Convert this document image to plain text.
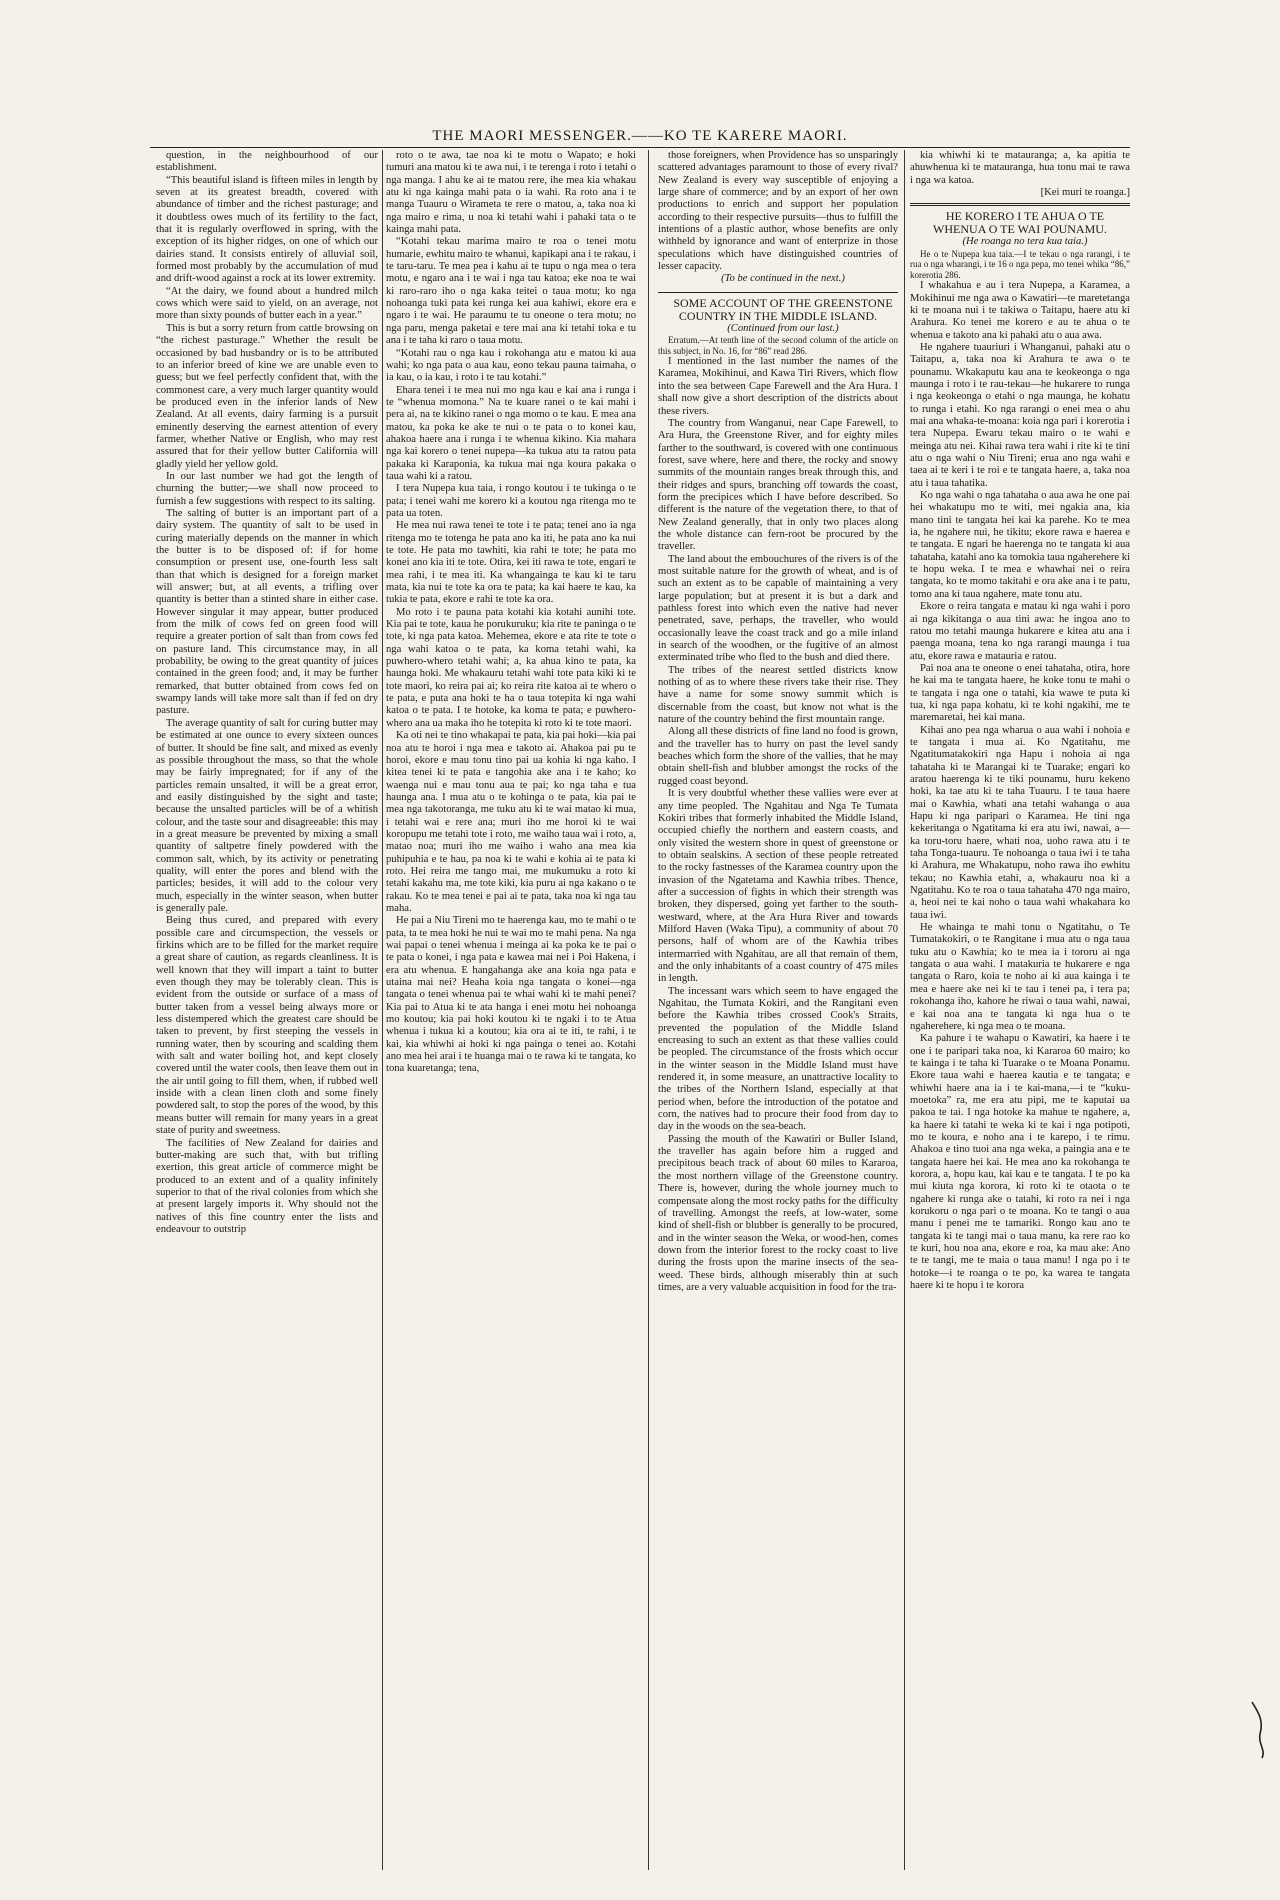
THE MAORI MESSENGER.——KO TE KARERE MAORI.

question, in the neighbourhood of our establishment.

“This beautiful island is fifteen miles in length by seven at its greatest breadth, covered with abundance of timber and the richest pasturage; and it doubtless owes much of its fertility to the fact, that it is regularly overflowed in spring, with the exception of its higher ridges, on one of which our dairies stand. It consists entirely of alluvial soil, formed most probably by the accumulation of mud and drift-wood against a rock at its lower extremity.

“At the dairy, we found about a hundred milch cows which were said to yield, on an average, not more than sixty pounds of butter each in a year.”

This is but a sorry return from cattle browsing on “the richest pasturage.” Whether the result be occasioned by bad husbandry or is to be attributed to an inferior breed of kine we are unable even to guess; but we feel perfectly confident that, with the commonest care, a very much larger quantity would be produced even in the inferior lands of New Zealand. At all events, dairy farming is a pursuit eminently deserving the earnest attention of every farmer, whether Native or English, who may rest assured that for their yellow butter California will gladly yield her yellow gold.

In our last number we had got the length of churning the butter;—we shall now proceed to furnish a few suggestions with respect to its salting.

The salting of butter is an important part of a dairy system. The quantity of salt to be used in curing materially depends on the manner in which the butter is to be disposed of: if for home consumption or present use, one-fourth less salt than that which is designed for a foreign market will answer; but, at all events, a trifling over quantity is better than a stinted share in either case. However singular it may appear, butter produced from the milk of cows fed on green food will require a greater portion of salt than from cows fed on pasture land. This circumstance may, in all probability, be owing to the great quantity of juices contained in the green food; and, it may be further remarked, that butter obtained from cows fed on swampy lands will take more salt than if fed on dry pasture.

The average quantity of salt for curing butter may be estimated at one ounce to every sixteen ounces of butter. It should be fine salt, and mixed as evenly as possible throughout the mass, so that the whole may be fairly impregnated; for if any of the particles remain unsalted, it will be a great error, and easily distinguished by the sight and taste; because the unsalted particles will be of a whitish colour, and the taste sour and disagreeable: this may in a great measure be prevented by mixing a small quantity of saltpetre finely powdered with the common salt, which, by its activity or penetrating quality, will enter the pores and blend with the particles; besides, it will add to the colour very much, especially in the winter season, when butter is generally pale.

Being thus cured, and prepared with every possible care and circumspection, the vessels or firkins which are to be filled for the market require a great share of caution, as regards cleanliness. It is well known that they will impart a taint to butter even though they may be tolerably clean. This is evident from the outside or surface of a mass of butter taken from a vessel being always more or less distempered which the greatest care should be taken to prevent, by first steeping the vessels in running water, then by scouring and scalding them with salt and water boiling hot, and kept closely covered until the water cools, then leave them out in the air until going to fill them, when, if rubbed well inside with a clean linen cloth and some finely powdered salt, to stop the pores of the wood, by this means butter will remain for many years in a great state of purity and sweetness.

The facilities of New Zealand for dairies and butter-making are such that, with but trifling exertion, this great article of commerce might be produced to an extent and of a quality infinitely superior to that of the rival colonies from which she at present largely imports it. Why should not the natives of this fine country enter the lists and endeavour to outstrip

roto o te awa, tae noa ki te motu o Wapato; e hoki tumuri ana matou ki te awa nui, i te terenga i roto i tetahi o nga manga. I ahu ke ai te matou rere, ihe mea kia whakau atu ki nga kainga mahi pata o ia wahi. Ra roto ana i te manga Tuauru o Wirameta te rere o matou, a, taka noa ki nga mairo e rima, u noa ki tetahi wahi i pahaki tata o te kainga mahi pata.

“Kotahi tekau marima mairo te roa o tenei motu humarie, ewhitu mairo te whanui, kapikapi ana i te rakau, i te taru-taru. Te mea pea i kahu ai te tupu o nga mea o tera motu, e ngaro ana i te wai i nga tau katoa; eke noa te wai ki raro-raro iho o nga kaka teitei o taua motu; ko nga nohoanga tuki pata kei runga kei aua kahiwi, ekore era e ngaro i te wai. He paraumu te tu oneone o tera motu; no nga paru, menga paketai e tere mai ana ki tetahi toka e tu ana i te taha ki raro o taua motu.

“Kotahi rau o nga kau i rokohanga atu e matou ki aua wahi; ko nga pata o aua kau, eono tekau pauna taimaha, o ia kau, o ia kau, i roto i te tau kotahi.”

Ehara tenei i te mea nui mo nga kau e kai ana i runga i te “whenua momona.” Na te kuare ranei o te kai mahi i pera ai, na te kikino ranei o nga momo o te kau. E mea ana matou, ka poka ke ake te nui o te pata o to konei kau, ahakoa haere ana i runga i te whenua kikino. Kia mahara nga kai korero o tenei nupepa—ka tukua atu ta ratou pata pakaka ki Karaponia, ka tukua mai nga koura pakaka o taua wahi ki a ratou.

I tera Nupepa kua taia, i rongo koutou i te tukinga o te pata; i tenei wahi me korero ki a koutou nga ritenga mo te pata ua toten.

He mea nui rawa tenei te tote i te pata; tenei ano ia nga ritenga mo te totenga he pata ano ka iti, he pata ano ka nui te tote. He pata mo tawhiti, kia rahi te tote; he pata mo konei ano kia iti te tote. Otira, kei iti rawa te tote, engari te mea rahi, i te mea iti. Ka whangainga te kau ki te taru mata, kia nui te tote ka ora te pata; ka kai haere te kau, ka tukia te pata, ekore e rahi te tote ka ora.

Mo roto i te pauna pata kotahi kia kotahi aunihi tote. Kia pai te tote, kaua he porukuruku; kia rite te paninga o te tote, ki nga pata katoa. Mehemea, ekore e ata rite te tote o nga wahi katoa o te pata, ka koma tetahi wahi, ka puwhero-whero tetahi wahi; a, ka ahua kino te pata, ka haunga hoki. Me whakauru tetahi wahi tote pata kiki ki te tote maori, ko reira pai ai; ko reira rite katoa ai te whero o te pata, e puta ana hoki te ha o taua totepita ki nga wahi katoa o te pata. I te hotoke, ka koma te pata; e puwhero-whero ana ua maka iho he totepita ki roto ki te tote maori.

Ka oti nei te tino whakapai te pata, kia pai hoki—kia pai noa atu te horoi i nga mea e takoto ai. Ahakoa pai pu te horoi, ekore e mau tonu tino pai ua kohia ki nga kaho. I kitea tenei ki te pata e tangohia ake ana i te kaho; ko waenga nui e mau tonu aua te pai; ko nga taha e tua haunga ana. I mua atu o te kohinga o te pata, kia pai te mea nga takotoranga, me tuku atu ki te wai matao ki mua, i tetahi wai e rere ana; muri iho me horoi ki te wai koropupu me tetahi tote i roto, me waiho taua wai i roto, a, matao noa; muri iho me waiho i waho ana mea kia puhipuhia e te hau, pa noa ki te wahi e kohia ai te pata ki roto. Hei reira me tango mai, me mukumuku a roto ki tetahi kakahu ma, me tote kiki, kia puru ai nga kakano o te rakau. Ko te mea tenei e pai ai te pata, taka noa ki nga tau maha.

He pai a Niu Tireni mo te haerenga kau, mo te mahi o te pata, ta te mea hoki he nui te wai mo te mahi pena. Na nga wai papai o tenei whenua i meinga ai ka poka ke te pai o te pata o konei, i nga pata e kawea mai nei i Poi Hakena, i era atu whenua. E hangahanga ake ana koia nga pata e utaina mai nei? Heaha koia nga tangata o konei—nga tangata o tenei whenua pai te whai wahi ki te mahi penei? Kia pai to Atua ki te ata hanga i enei motu hei nohoanga mo koutou; kia pai hoki koutou ki te ngaki i to te Atua whenua i tukua ki a koutou; kia ora ai te iti, te rahi, i te kai, kia whiwhi ai hoki ki nga painga o tenei ao. Kotahi ano mea hei arai i te huanga mai o te rawa ki te tangata, ko tona kuaretanga; tena,

those foreigners, when Providence has so unsparingly scattered advantages paramount to those of every rival? New Zealand is every way susceptible of enjoying a large share of commerce; and by an export of her own productions to enrich and support her population according to their respective pursuits—thus to fulfill the intentions of a plastic author, whose benefits are only withheld by ignorance and want of enterprize in those speculations which have distinguished countries of lesser capacity.

(To be continued in the next.)

SOME ACCOUNT OF THE GREENSTONE COUNTRY IN THE MIDDLE ISLAND.

(Continued from our last.)

Erratum.—At tenth line of the second column of the article on this subject, in No. 16, for “86” read 286.

I mentioned in the last number the names of the Karamea, Mokihinui, and Kawa Tiri Rivers, which flow into the sea between Cape Farewell and the Ara Hura. I shall now give a short description of the districts about these rivers.

The country from Wanganui, near Cape Farewell, to Ara Hura, the Greenstone River, and for eighty miles farther to the southward, is covered with one continuous forest, save where, here and there, the rocky and snowy summits of the mountain ranges break through this, and their ridges and spurs, branching off towards the coast, form the precipices which I have before described. So different is the nature of the vegetation there, to that of New Zealand generally, that in only two places along the whole distance can fern-root be procured by the traveller.

The land about the embouchures of the rivers is of the most suitable nature for the growth of wheat, and is of such an extent as to be capable of maintaining a very large population; but at present it is but a dark and pathless forest into which even the native had never penetrated, save, perhaps, the traveller, who would occasionally leave the coast track and go a mile inland in search of the woodhen, or the fugitive of an almost exterminated tribe who fled to the bush and died there.

The tribes of the nearest settled districts know nothing of as to where these rivers take their rise. They have a name for some snowy summit which is discernable from the coast, but know not what is the nature of the country behind the first mountain range.

Along all these districts of fine land no food is grown, and the traveller has to hurry on past the level sandy beaches which form the shore of the vallies, that he may obtain shell-fish and blubber amongst the rocks of the rugged coast beyond.

It is very doubtful whether these vallies were ever at any time peopled. The Ngahitau and Nga Te Tumata Kokiri tribes that formerly inhabited the Middle Island, occupied chiefly the northern and eastern coasts, and only visited the western shore in quest of greenstone or to obtain sealskins. A section of these people retreated to the rocky fastnesses of the Karamea country upon the invasion of the Ngatetama and Kawhia tribes. Thence, after a succession of fights in which their strength was broken, they dispersed, going yet farther to the south-westward, where, at the Ara Hura River and towards Milford Haven (Waka Tipu), a community of about 70 persons, half of whom are of the Kawhia tribes intermarried with Ngahitau, are all that remain of them, and the only inhabitants of a coast country of 475 miles in length.

The incessant wars which seem to have engaged the Ngahitau, the Tumata Kokiri, and the Rangitani even before the Kawhia tribes crossed Cook's Straits, prevented the population of the Middle Island encreasing to such an extent as that these vallies could be peopled. The circumstance of the frosts which occur in the winter season in the Middle Island must have rendered it, in some measure, an unattractive locality to the tribes of the Northern Island, especially at that period when, before the introduction of the potatoe and corn, the natives had to procure their food from day to day in the woods on the sea-beach.

Passing the mouth of the Kawatiri or Buller Island, the traveller has again before him a rugged and precipitous beach track of about 60 miles to Kararoa, the most northern village of the Greenstone country. There is, however, during the whole journey much to compensate along the most rocky paths for the difficulty of travelling. Amongst the reefs, at low-water, some kind of shell-fish or blubber is generally to be procured, and in the winter season the Weka, or wood-hen, comes down from the interior forest to the rocky coast to live during the frosts upon the marine insects of the sea-weed. These birds, although miserably thin at such times, are a very valuable acquisition in food for the tra-

kia whiwhi ki te matauranga; a, ka apitia te ahuwhenua ki te matauranga, hua tonu mai te rawa i nga wa katoa.

[Kei muri te roanga.]

HE KORERO I TE AHUA O TE WHENUA O TE WAI POUNAMU.

(He roanga no tera kua taia.)

He o te Nupepa kua taia.—I te tekau o nga rarangi, i te rua o nga wharangi, i te 16 o nga pepa, mo tenei whika “86,” korerotia 286.

I whakahua e au i tera Nupepa, a Karamea, a Mokihinui me nga awa o Kawatiri—te maretetanga ki te moana nui i te takiwa o Taitapu, haere atu ki Arahura. Ko tenei me korero e au te ahua o te whenua e takoto ana ki pahaki atu o aua awa.

He ngahere tuauriuri i Whanganui, pahaki atu o Taitapu, a, taka noa ki Arahura te awa o te pounamu. Wkakaputu kau ana te keokeonga o nga maunga i roto i te rau-tekau—he hukarere to runga i nga keokeonga o etahi o nga maunga, he kohatu to runga i etahi. Ko nga rarangi o enei mea o ahu mai ana whaka-te-moana: koia nga pari i korerotia i tera Nupepa. Ewaru tekau mairo o te wahi e meinga atu nei. Kihai rawa tera wahi i rite ki te tini atu o nga wahi o Niu Tireni; erua ano nga wahi e taea ai te keri i te roi e te tangata haere, a, taka noa atu i taua tahatika.

Ko nga wahi o nga tahataha o aua awa he one pai hei whakatupu mo te witi, mei ngakia ana, kia mano tini te tangata hei kai ka parehe. Ko te mea ia, he ngahere nui, he tikitu; ekore rawa e haerea e te tangata. E ngari he haerenga no te tangata ki aua tahataha, katahi ano ka tomokia taua ngaherehere ki te hopu weka. I te mea e whawhai nei o reira tangata, ko te momo takitahi e ora ake ana i te patu, tomo ana ki taua ngahere, mate tonu atu.

Ekore o reira tangata e matau ki nga wahi i poro ai nga kikitanga o aua tini awa: he ingoa ano to ratou mo tetahi maunga hukarere e kitea atu ana i paenga moana, tena ko nga rarangi maunga i tua atu, ekore rawa e matauria e ratou.

Pai noa ana te oneone o enei tahataha, otira, hore he kai ma te tangata haere, he koke tonu te mahi o te tangata i nga one o tatahi, kia wawe te puta ki tua, ki nga papa kohatu, ki te kohi ngakihi, me te maremaretai, hei kai mana.

Kihai ano pea nga wharua o aua wahi i nohoia e te tangata i mua ai. Ko Ngatitahu, me Ngatitumatakokiri nga Hapu i nohoia ai nga tahataha ki te Marangai ki te Tuarake; engari ko aratou haerenga ki te tiki pounamu, huru kekeno hoki, ka tae atu ki te taha Tuauru. I te taua haere mai o Kawhia, whati ana tetahi wahanga o aua Hapu ki nga paripari o Karamea. He tini nga kekeritanga o Ngatitama ki era atu iwi, nawai, a—ka toru-toru haere, whati noa, uoho rawa atu i te taha Tonga-tuauru. Te nohoanga o taua iwi i te taha ki Arahura, me Whakatupu, noho rawa iho ewhitu tekau; no Kawhia etahi, a, whakauru noa ki a Ngatitahu. Ko te roa o taua tahataha 470 nga mairo, a, heoi nei te kai noho o taua wahi whakahara ko taua iwi.

He whainga te mahi tonu o Ngatitahu, o Te Tumatakokiri, o te Rangitane i mua atu o nga taua tuku atu o Kawhia; ko te mea ia i tororu ai nga tangata o aua wahi. I matakuria te hukarere e nga tangata o Raro, koia te noho ai ki aua kainga i te mea e haere ake nei ki te tau i tenei pa, i tera pa; rokohanga iho, kahore he riwai o taua wahi, nawai, e kai noa ana te tangata ki nga hua o te ngaherehere, ki nga mea o te moana.

Ka pahure i te wahapu o Kawatiri, ka haere i te one i te paripari taka noa, ki Kararoa 60 mairo; ko te kainga i te taha ki Tuarake o te Moana Ponamu. Ekore taua wahi e haerea kautia e te tangata; e whiwhi haere ana ia i te kai-mana,—i te “kuku-moetoka” ra, me era atu pipi, me te kaputai ua pakoa te tai. I nga hotoke ka mahue te ngahere, a, ka haere ki tatahi te weka ki te kai i nga potipoti, mo te koura, e noho ana i te karepo, i te rimu. Ahakoa e tino tuoi ana nga weka, a paingia ana e te tangata haere hei kai. He mea ano ka rokohanga te korora, a, hopu kau, kai kau e te tangata. I te po ka mui kiuta nga korora, ki roto ki te otaota o te ngahere ki runga ake o tatahi, ki roto ra nei i nga korukoru o nga pari o te moana. Ko te tangi o aua manu i penei me te tamariki. Rongo kau ano te tangata ki te tangi mai o taua manu, ka rere rao ko te kuri, hou noa ana, ekore e roa, ka mau ake: Ano te te tangi, me te maia o taua manu! I nga po i te hotoke—i te roanga o te po, ka warea te tangata haere ki te hopu i te korora
